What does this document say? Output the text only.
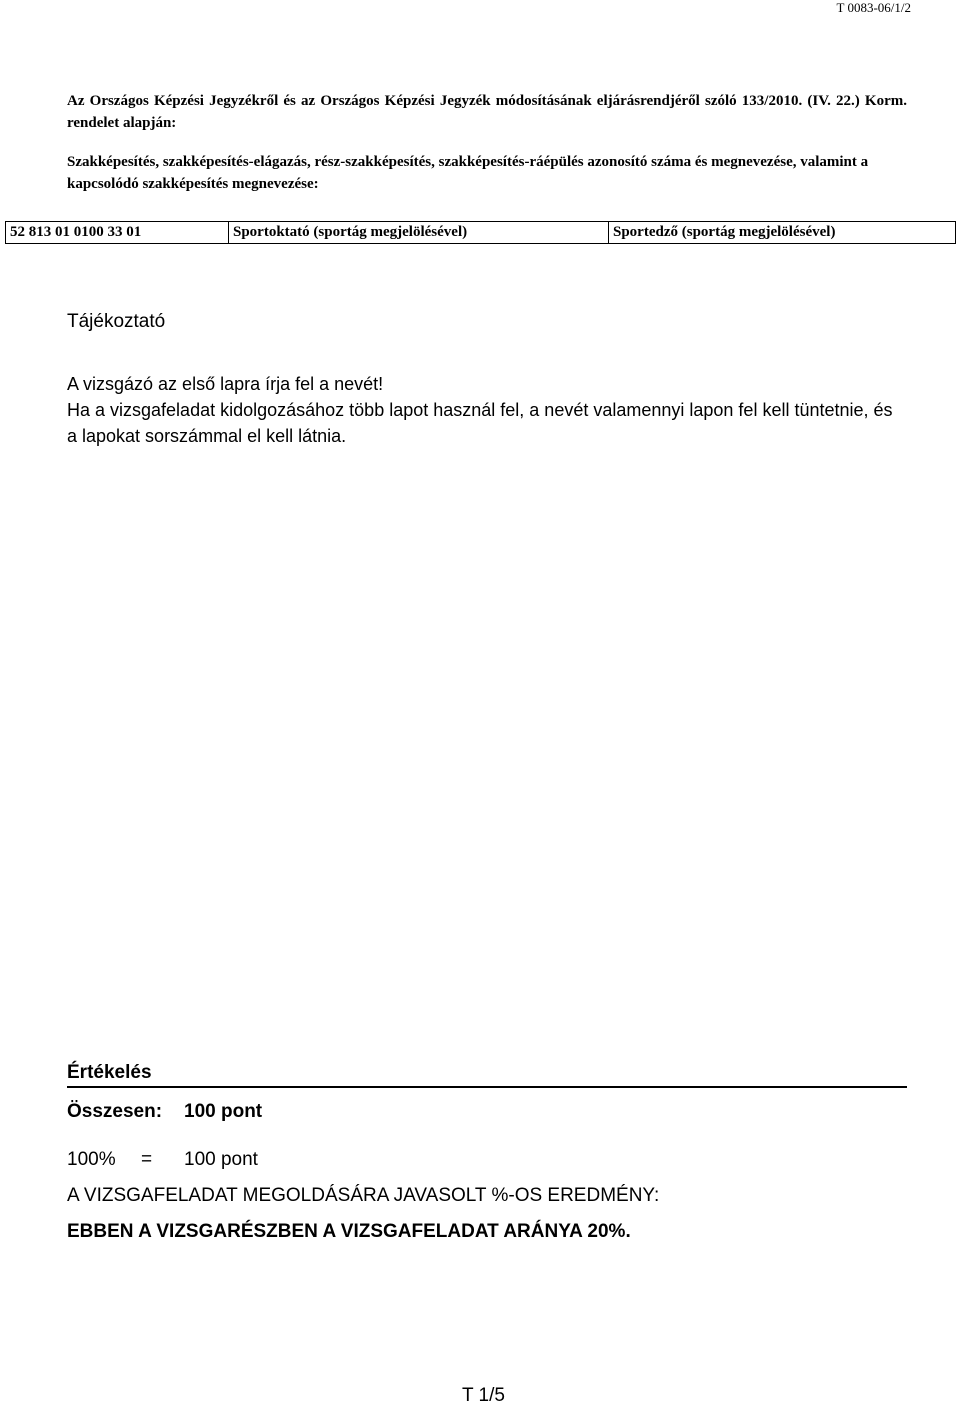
T 0083-06/1/2
Az Országos Képzési Jegyzékről és az Országos Képzési Jegyzék módosításának eljárásrendjéről szóló 133/2010. (IV. 22.) Korm. rendelet alapján:
Szakképesítés, szakképesítés-elágazás, rész-szakképesítés, szakképesítés-ráépülés azonosító száma és megnevezése, valamint a kapcsolódó szakképesítés megnevezése:
52 813 01 0100 33 01	Sportoktató (sportág megjelölésével)	Sportedző (sportág megjelölésével)
Tájékoztató
A vizsgázó az első lapra írja fel a nevét!
Ha a vizsgafeladat kidolgozásához több lapot használ fel, a nevét valamennyi lapon fel kell tüntetnie, és a lapokat sorszámmal el kell látnia.
Értékelés
Összesen: 100 pont
100% = 100 pont
A VIZSGAFELADAT MEGOLDÁSÁRA JAVASOLT %-OS EREDMÉNY:
EBBEN A VIZSGARÉSZBEN A VIZSGAFELADAT ARÁNYA 20%.
T 1/5
